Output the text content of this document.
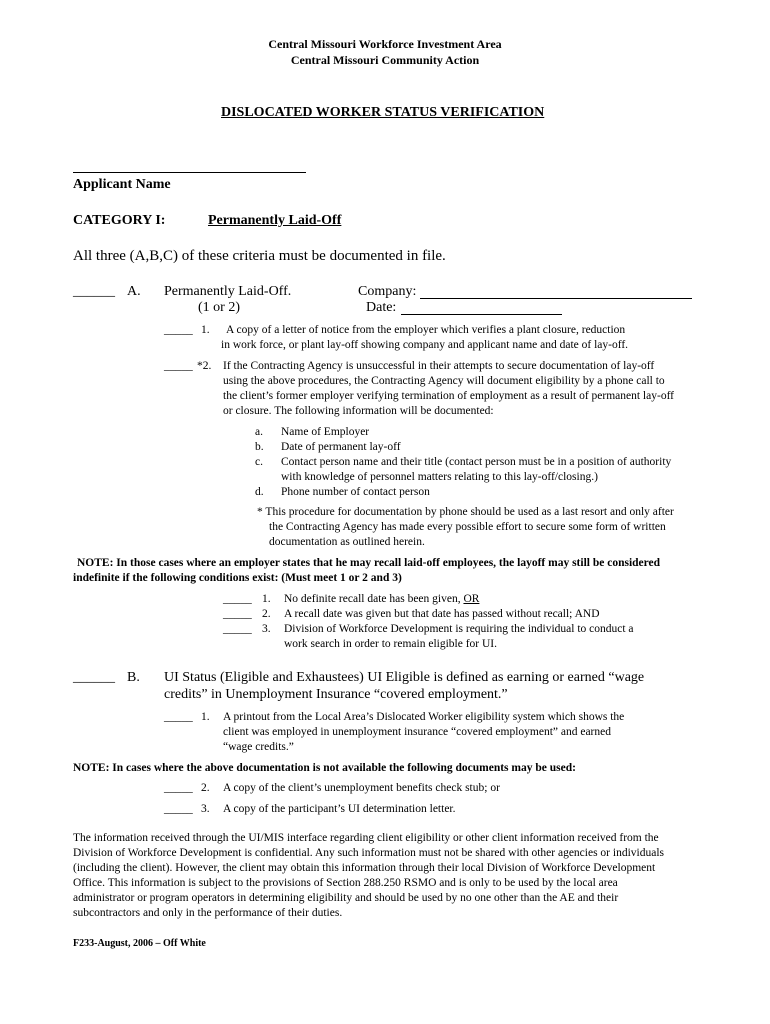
Central Missouri Workforce Investment Area
Central Missouri Community Action
DISLOCATED WORKER STATUS VERIFICATION
Applicant Name
CATEGORY I:	Permanently Laid-Off
All three (A,B,C) of these criteria must be documented in file.
______ A. Permanently Laid-Off.
(1 or 2)
Company:
Date:
_____ 1. A copy of a letter of notice from the employer which verifies a plant closure, reduction
in work force, or plant lay-off showing company and applicant name and date of lay-off.
_____ *2. If the Contracting Agency is unsuccessful in their attempts to secure documentation of lay-off
using the above procedures, the Contracting Agency will document eligibility by a phone call to
the client’s former employer verifying termination of employment as a result of permanent lay-off
or closure. The following information will be documented:
a. Name of Employer
b. Date of permanent lay-off
c. Contact person name and their title (contact person must be in a position of authority
with knowledge of personnel matters relating to this lay-off/closing.)
d. Phone number of contact person
* This procedure for documentation by phone should be used as a last resort and only after
the Contracting Agency has made every possible effort to secure some form of written
documentation as outlined herein.
NOTE: In those cases where an employer states that he may recall laid-off employees, the layoff may still be considered
indefinite if the following conditions exist: (Must meet 1 or 2 and 3)
_____ 1. No definite recall date has been given, OR
_____ 2. A recall date was given but that date has passed without recall; AND
_____ 3. Division of Workforce Development is requiring the individual to conduct a
work search in order to remain eligible for UI.
______ B. UI Status (Eligible and Exhaustees) UI Eligible is defined as earning or earned “wage
credits” in Unemployment Insurance “covered employment.”
_____ 1. A printout from the Local Area’s Dislocated Worker eligibility system which shows the
client was employed in unemployment insurance “covered employment” and earned
“wage credits.”
NOTE: In cases where the above documentation is not available the following documents may be used:
_____ 2. A copy of the client’s unemployment benefits check stub; or
_____ 3. A copy of the participant’s UI determination letter.
The information received through the UI/MIS interface regarding client eligibility or other client information received from the
Division of Workforce Development is confidential. Any such information must not be shared with other agencies or individuals
(including the client). However, the client may obtain this information through their local Division of Workforce Development
Office. This information is subject to the provisions of Section 288.250 RSMO and is only to be used by the local area
administrator or program operators in determining eligibility and should be used by no one other than the AE and their
subcontractors and only in the performance of their duties.
F233-August, 2006 – Off White
